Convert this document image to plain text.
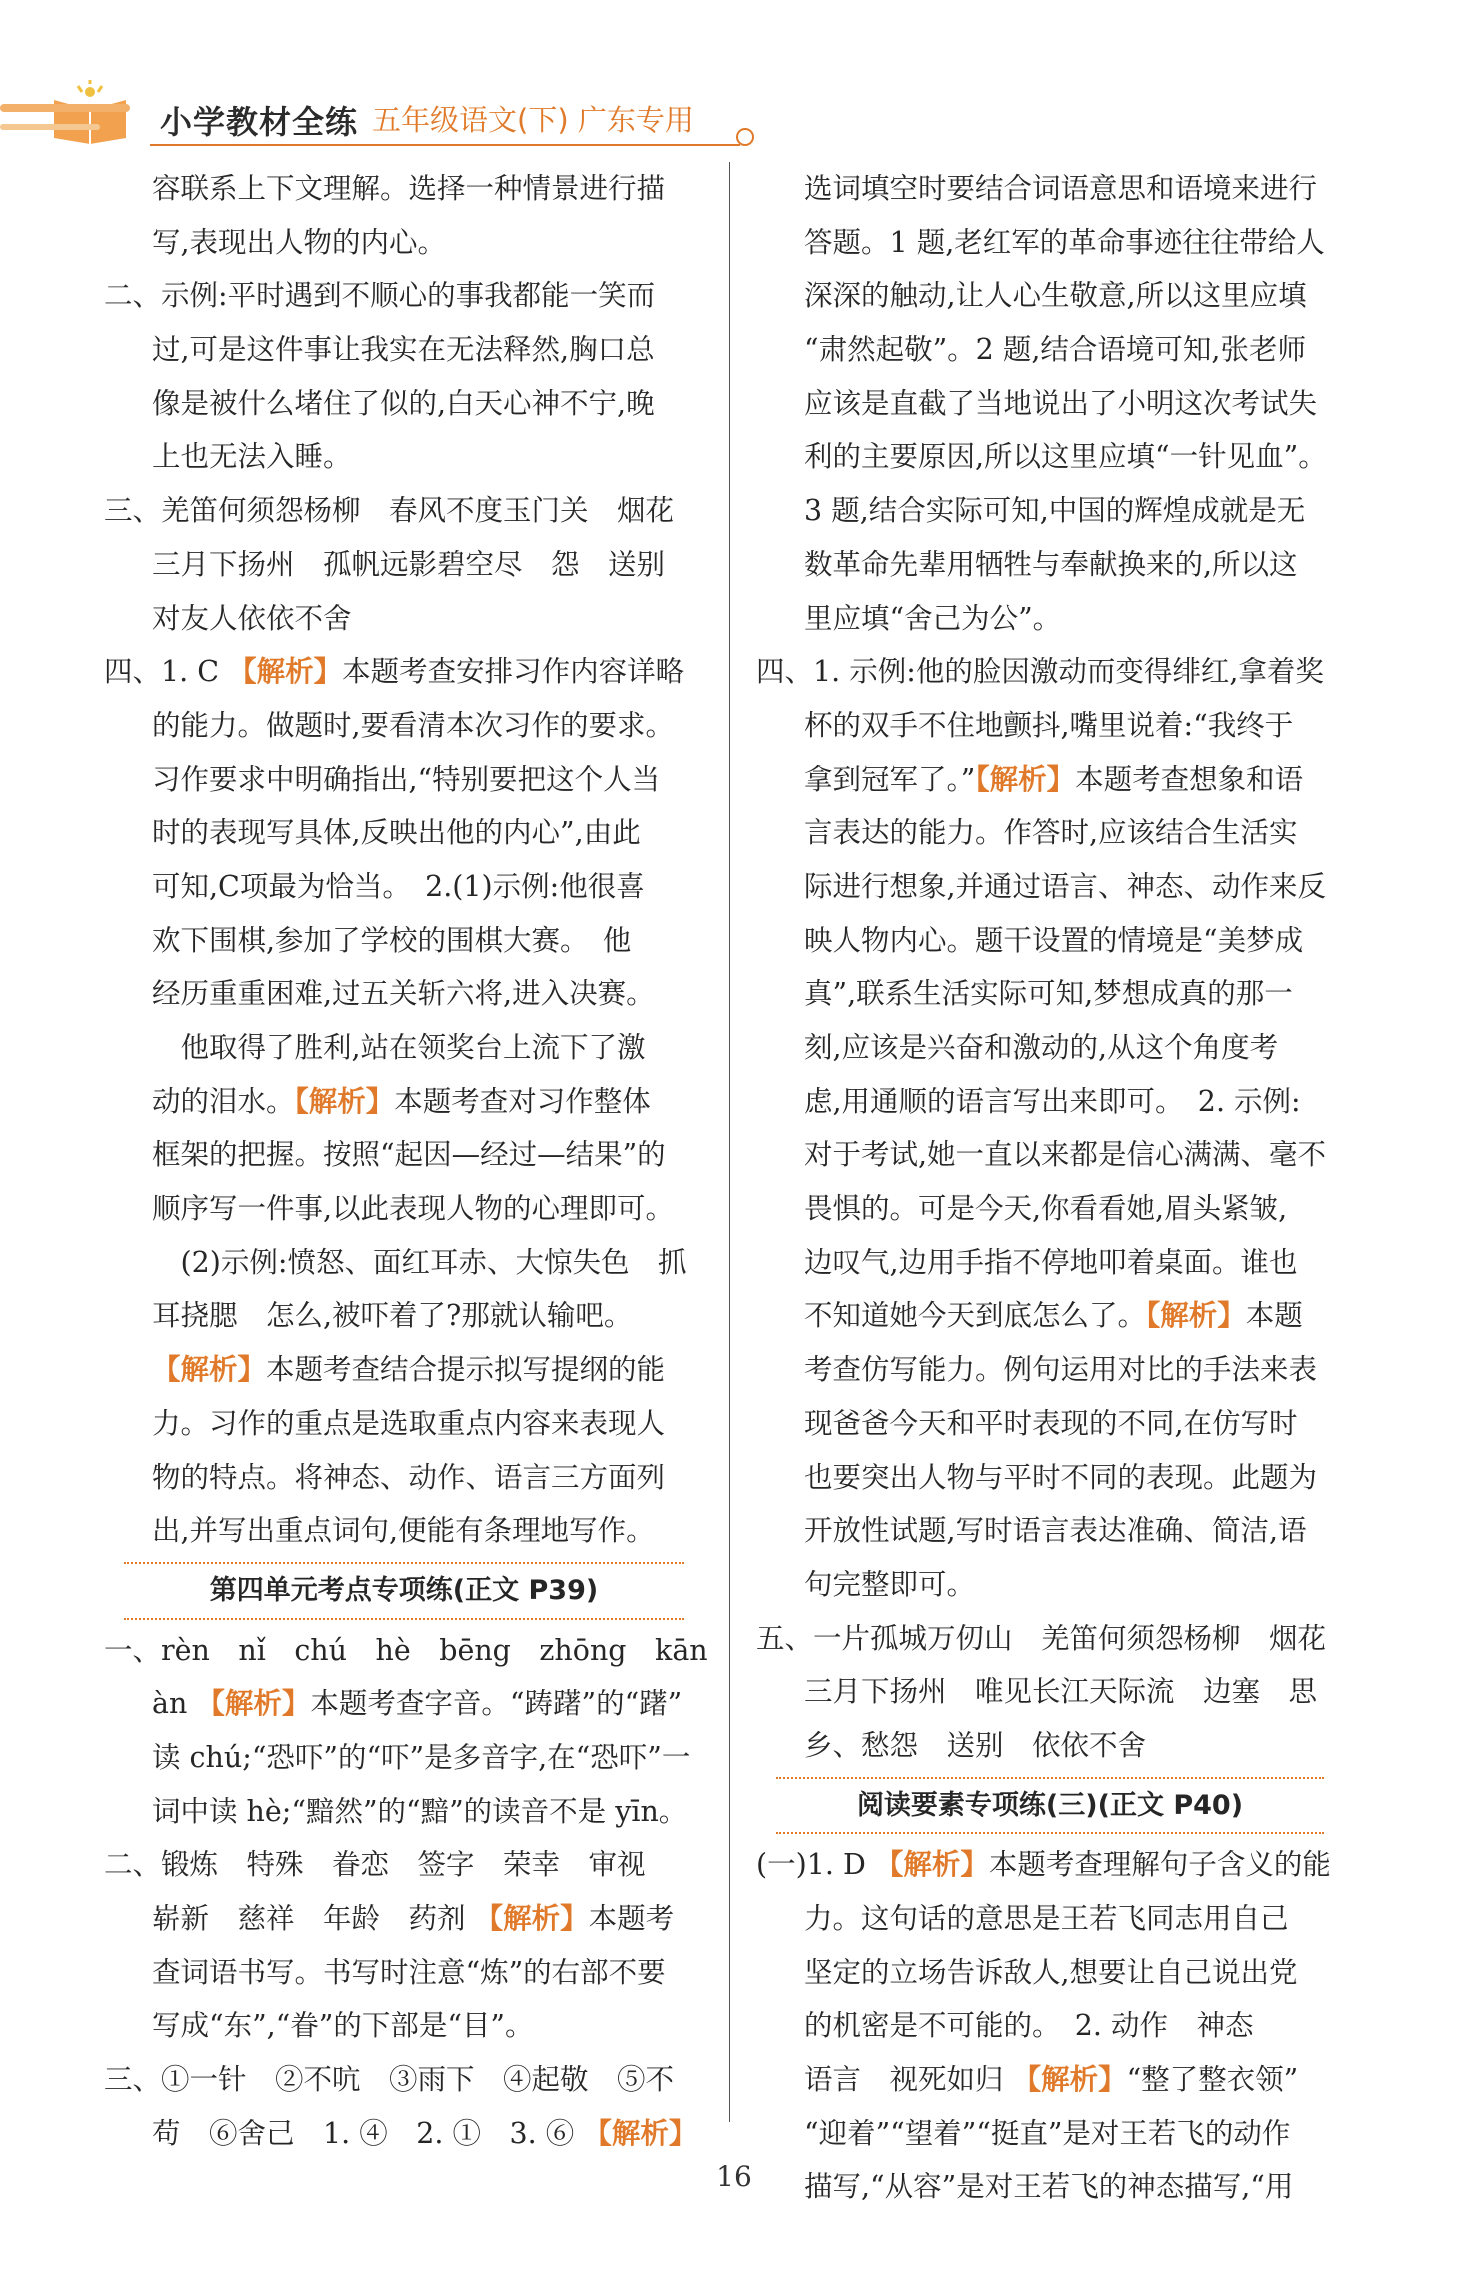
小学教材全练 五年级语文(下) 广东专用
容联系上下文理解。选择一种情景进行描
写,表现出人物的内心。
二、示例:平时遇到不顺心的事我都能一笑而
过,可是这件事让我实在无法释然,胸口总
像是被什么堵住了似的,白天心神不宁,晚
上也无法入睡。
三、羌笛何须怨杨柳　春风不度玉门关　烟花
三月下扬州　孤帆远影碧空尽　怨　送别
对友人依依不舍
四、1. C 【解析】本题考查安排习作内容详略
的能力。做题时,要看清本次习作的要求。
习作要求中明确指出,“特别要把这个人当
时的表现写具体,反映出他的内心”,由此
可知,C项最为恰当。　2.(1)示例:他很喜
欢下围棋,参加了学校的围棋大赛。　他
经历重重困难,过五关斩六将,进入决赛。
　他取得了胜利,站在领奖台上流下了激
动的泪水。【解析】本题考查对习作整体
框架的把握。按照“起因—经过—结果”的
顺序写一件事,以此表现人物的心理即可。
　(2)示例:愤怒、面红耳赤、大惊失色　抓
耳挠腮　怎么,被吓着了?那就认输吧。
【解析】本题考查结合提示拟写提纲的能
力。习作的重点是选取重点内容来表现人
物的特点。将神态、动作、语言三方面列
出,并写出重点词句,便能有条理地写作。
第四单元考点专项练(正文 P39)
一、rèn　nǐ　chú　hè　bēng　zhōng　kān
àn 【解析】本题考查字音。“踌躇”的“躇”
读 chú;“恐吓”的“吓”是多音字,在“恐吓”一
词中读 hè;“黯然”的“黯”的读音不是 yīn。
二、锻炼　特殊　眷恋　签字　荣幸　审视
崭新　慈祥　年龄　药剂 【解析】本题考
查词语书写。书写时注意“炼”的右部不要
写成“东”,“眷”的下部是“目”。
三、①一针　②不吭　③雨下　④起敬　⑤不
苟　⑥舍己　1. ④　2. ①　3. ⑥ 【解析】
选词填空时要结合词语意思和语境来进行
答题。1 题,老红军的革命事迹往往带给人
深深的触动,让人心生敬意,所以这里应填
“肃然起敬”。2 题,结合语境可知,张老师
应该是直截了当地说出了小明这次考试失
利的主要原因,所以这里应填“一针见血”。
3 题,结合实际可知,中国的辉煌成就是无
数革命先辈用牺牲与奉献换来的,所以这
里应填“舍己为公”。
四、1. 示例:他的脸因激动而变得绯红,拿着奖
杯的双手不住地颤抖,嘴里说着:“我终于
拿到冠军了。”【解析】本题考查想象和语
言表达的能力。作答时,应该结合生活实
际进行想象,并通过语言、神态、动作来反
映人物内心。题干设置的情境是“美梦成
真”,联系生活实际可知,梦想成真的那一
刻,应该是兴奋和激动的,从这个角度考
虑,用通顺的语言写出来即可。　2. 示例:
对于考试,她一直以来都是信心满满、毫不
畏惧的。可是今天,你看看她,眉头紧皱,
边叹气,边用手指不停地叩着桌面。谁也
不知道她今天到底怎么了。【解析】本题
考查仿写能力。例句运用对比的手法来表
现爸爸今天和平时表现的不同,在仿写时
也要突出人物与平时不同的表现。此题为
开放性试题,写时语言表达准确、简洁,语
句完整即可。
五、一片孤城万仞山　羌笛何须怨杨柳　烟花
三月下扬州　唯见长江天际流　边塞　思
乡、愁怨　送别　依依不舍
阅读要素专项练(三)(正文 P40)
(一)1. D 【解析】本题考查理解句子含义的能
力。这句话的意思是王若飞同志用自己
坚定的立场告诉敌人,想要让自己说出党
的机密是不可能的。　2. 动作　神态
语言　视死如归 【解析】“整了整衣领”
“迎着”“望着”“挺直”是对王若飞的动作
描写,“从容”是对王若飞的神态描写,“用
16
